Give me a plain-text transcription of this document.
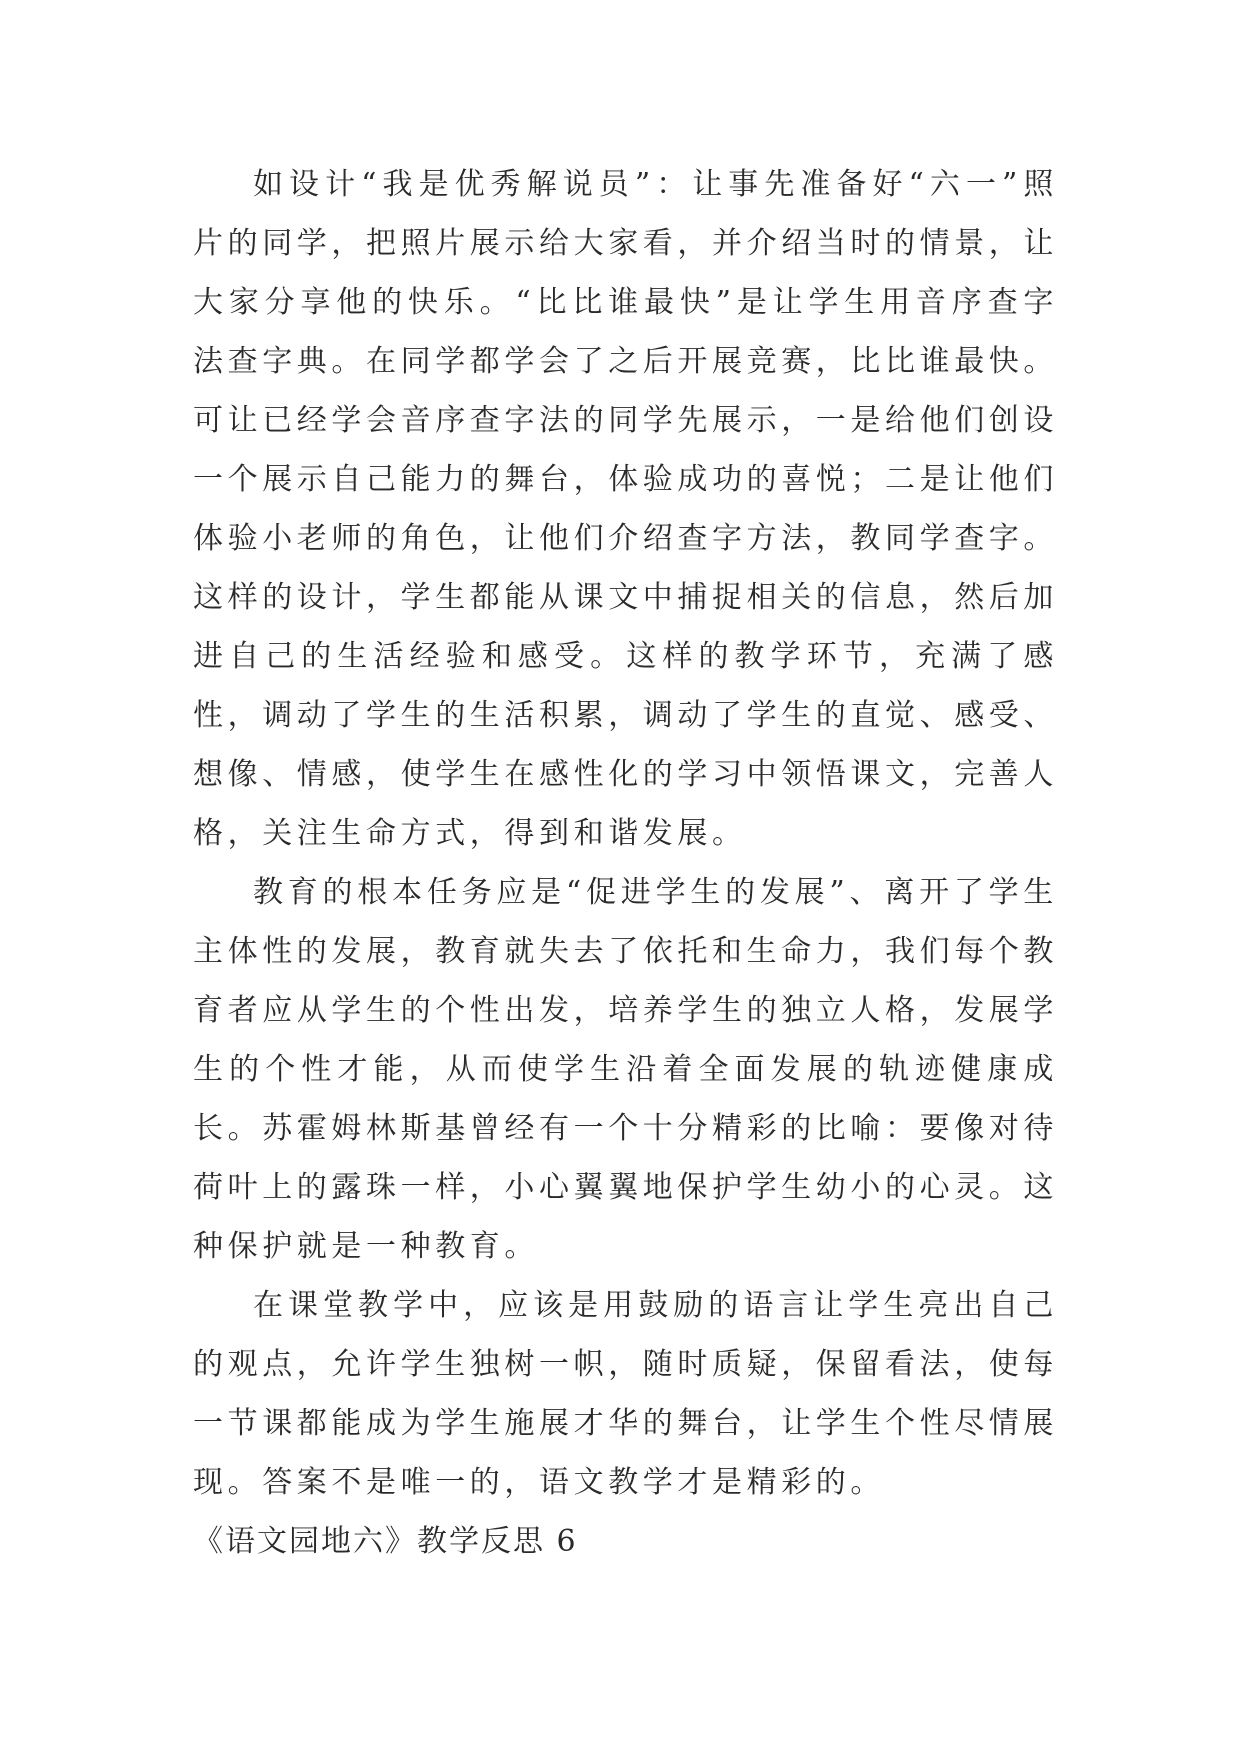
如设计“我是优秀解说员”：让事先准备好“六一”照片的同学，把照片展示给大家看，并介绍当时的情景，让大家分享他的快乐。“比比谁最快”是让学生用音序查字法查字典。在同学都学会了之后开展竞赛，比比谁最快。可让已经学会音序查字法的同学先展示，一是给他们创设一个展示自己能力的舞台，体验成功的喜悦；二是让他们体验小老师的角色，让他们介绍查字方法，教同学查字。这样的设计，学生都能从课文中捕捉相关的信息，然后加进自己的生活经验和感受。这样的教学环节，充满了感性，调动了学生的生活积累，调动了学生的直觉、感受、想像、情感，使学生在感性化的学习中领悟课文，完善人格，关注生命方式，得到和谐发展。

教育的根本任务应是“促进学生的发展”、离开了学生主体性的发展，教育就失去了依托和生命力，我们每个教育者应从学生的个性出发，培养学生的独立人格，发展学生的个性才能，从而使学生沿着全面发展的轨迹健康成长。苏霍姆林斯基曾经有一个十分精彩的比喻：要像对待荷叶上的露珠一样，小心翼翼地保护学生幼小的心灵。这种保护就是一种教育。

在课堂教学中，应该是用鼓励的语言让学生亮出自己的观点，允许学生独树一帜，随时质疑，保留看法，使每一节课都能成为学生施展才华的舞台，让学生个性尽情展现。答案不是唯一的，语文教学才是精彩的。

《语文园地六》教学反思 6
